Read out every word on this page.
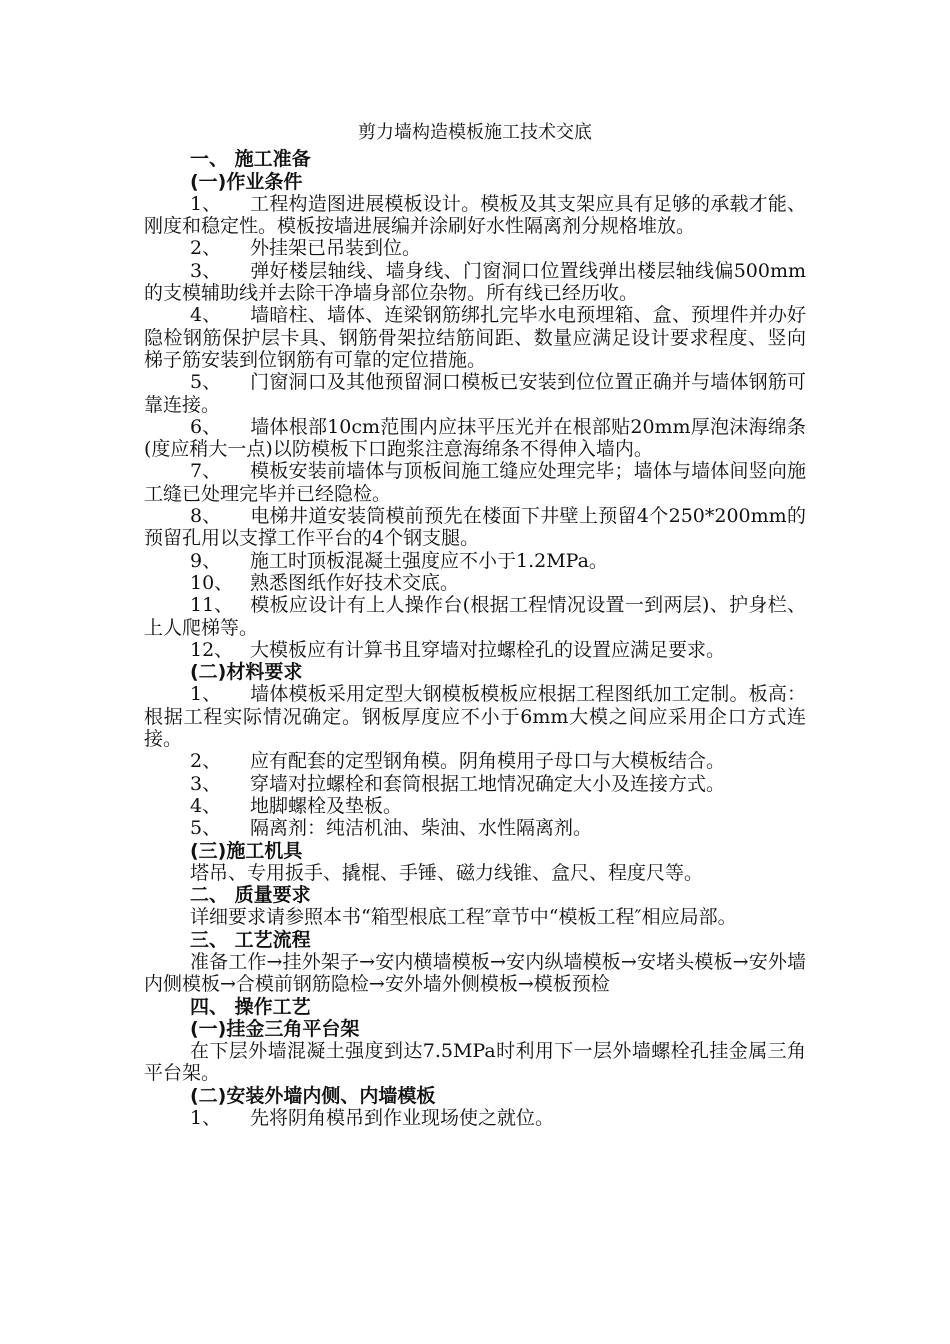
剪力墙构造模板施工技术交底
一、 施工准备
(一)作业条件

1、 工程构造图进展模板设计。模板及其支架应具有足够的承载才能、刚度和稳定性。模板按墙进展编并涂刷好水性隔离剂分规格堆放。

2、 外挂架已吊装到位。

3、 弹好楼层轴线、墙身线、门窗洞口位置线弹出楼层轴线偏500mm的支模辅助线并去除干净墙身部位杂物。所有线已经历收。

4、 墙暗柱、墙体、连梁钢筋绑扎完毕水电预埋箱、盒、预埋件并办好隐检钢筋保护层卡具、钢筋骨架拉结筋间距、数量应满足设计要求程度、竖向梯子筋安装到位钢筋有可靠的定位措施。

5、 门窗洞口及其他预留洞口模板已安装到位位置正确并与墙体钢筋可靠连接。

6、 墙体根部10cm范围内应抹平压光并在根部贴20mm厚泡沫海绵条(度应稍大一点)以防模板下口跑浆注意海绵条不得伸入墙内。

7、 模板安装前墙体与顶板间施工缝应处理完毕；墙体与墙体间竖向施工缝已处理完毕并已经隐检。

8、 电梯井道安装筒模前预先在楼面下井壁上预留4个250*200mm的预留孔用以支撑工作平台的4个钢支腿。

9、 施工时顶板混凝土强度应不小于1.2MPa。

10、 熟悉图纸作好技术交底。

11、 模板应设计有上人操作台(根据工程情况设置一到两层)、护身栏、上人爬梯等。

12、 大模板应有计算书且穿墙对拉螺栓孔的设置应满足要求。

(二)材料要求

1、 墙体模板采用定型大钢模板模板应根据工程图纸加工定制。板高：根据工程实际情况确定。钢板厚度应不小于6mm大模之间应采用企口方式连接。

2、 应有配套的定型钢角模。阴角模用子母口与大模板结合。

3、 穿墙对拉螺栓和套筒根据工地情况确定大小及连接方式。

4、 地脚螺栓及垫板。

5、 隔离剂：纯洁机油、柴油、水性隔离剂。

(三)施工机具

塔吊、专用扳手、撬棍、手锤、磁力线锥、盒尺、程度尺等。

二、 质量要求

详细要求请参照本书“箱型根底工程″章节中“模板工程″相应局部。

三、 工艺流程

准备工作→挂外架子→安内横墙模板→安内纵墙模板→安堵头模板→安外墙内侧模板→合模前钢筋隐检→安外墙外侧模板→模板预检

四、 操作工艺
(一)挂金三角平台架

在下层外墙混凝土强度到达7.5MPa时利用下一层外墙螺栓孔挂金属三角平台架。

(二)安装外墙内侧、内墙模板

1、 先将阴角模吊到作业现场使之就位。
